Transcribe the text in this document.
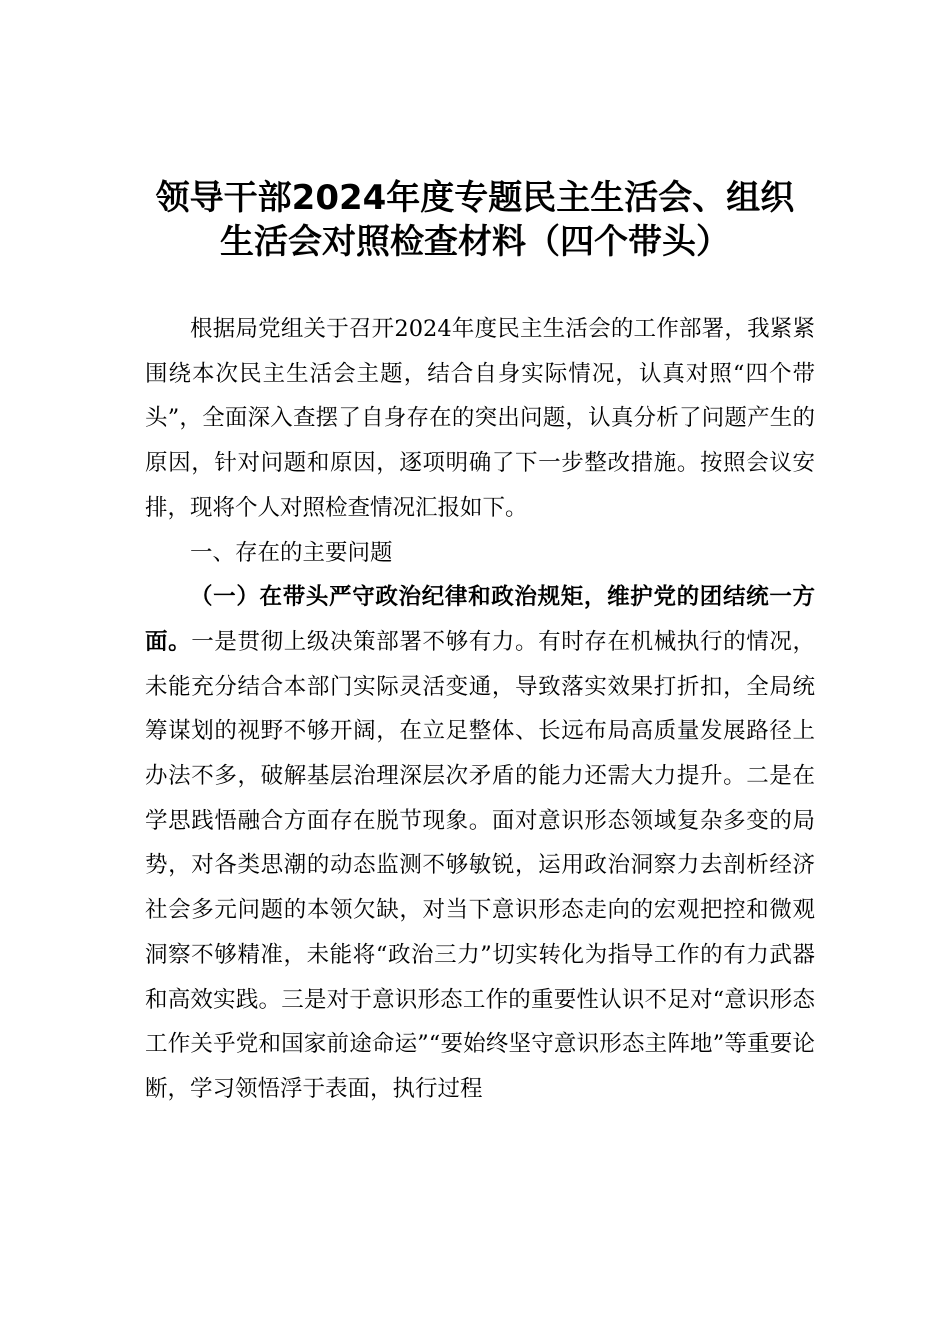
领导干部2024年度专题民主生活会、组织
生活会对照检查材料（四个带头）

根据局党组关于召开2024年度民主生活会的工作部署，我紧紧围绕本次民主生活会主题，结合自身实际情况，认真对照“四个带头”，全面深入查摆了自身存在的突出问题，认真分析了问题产生的原因，针对问题和原因，逐项明确了下一步整改措施。按照会议安排，现将个人对照检查情况汇报如下。

一、存在的主要问题

（一）在带头严守政治纪律和政治规矩，维护党的团结统一方面。一是贯彻上级决策部署不够有力。有时存在机械执行的情况，未能充分结合本部门实际灵活变通，导致落实效果打折扣，全局统筹谋划的视野不够开阔，在立足整体、长远布局高质量发展路径上办法不多，破解基层治理深层次矛盾的能力还需大力提升。二是在学思践悟融合方面存在脱节现象。面对意识形态领域复杂多变的局势，对各类思潮的动态监测不够敏锐，运用政治洞察力去剖析经济社会多元问题的本领欠缺，对当下意识形态走向的宏观把控和微观洞察不够精准，未能将“政治三力”切实转化为指导工作的有力武器和高效实践。三是对于意识形态工作的重要性认识不足对“意识形态工作关乎党和国家前途命运”“要始终坚守意识形态主阵地”等重要论断，学习领悟浮于表面，执行过程
